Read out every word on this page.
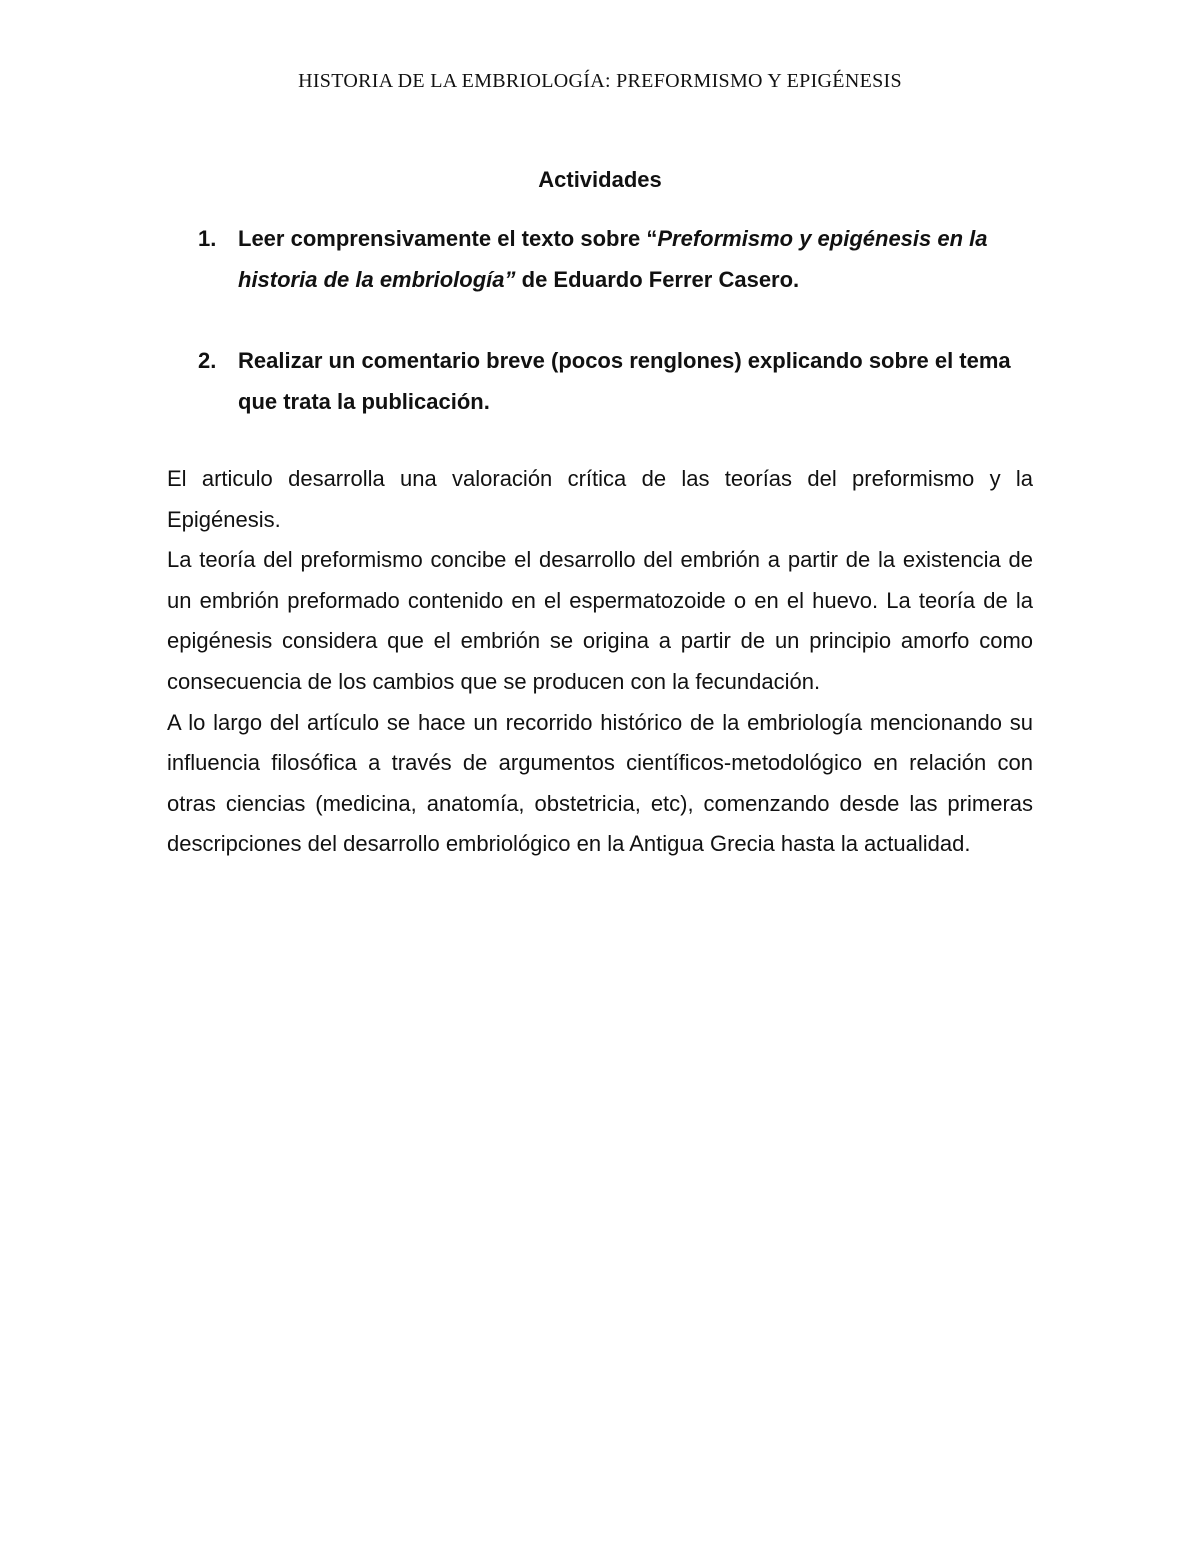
HISTORIA DE LA EMBRIOLOGÍA: PREFORMISMO Y EPIGÉNESIS
Actividades
1. Leer comprensivamente el texto sobre “Preformismo y epigénesis en la historia de la embriología” de Eduardo Ferrer Casero.
2. Realizar un comentario breve (pocos renglones) explicando sobre el tema que trata la publicación.

El articulo desarrolla una valoración crítica de las teorías del preformismo y la Epigénesis.

La teoría del preformismo concibe el desarrollo del embrión a partir de la existencia de un embrión preformado contenido en el espermatozoide o en el huevo. La teoría de la epigénesis considera que el embrión se origina a partir de un principio amorfo como consecuencia de los cambios que se producen con la fecundación.

A lo largo del artículo se hace un recorrido histórico de la embriología mencionando su influencia filosófica a través de argumentos científicos-metodológico en relación con otras ciencias (medicina, anatomía, obstetricia, etc), comenzando desde las primeras descripciones del desarrollo embriológico en la Antigua Grecia hasta la actualidad.
